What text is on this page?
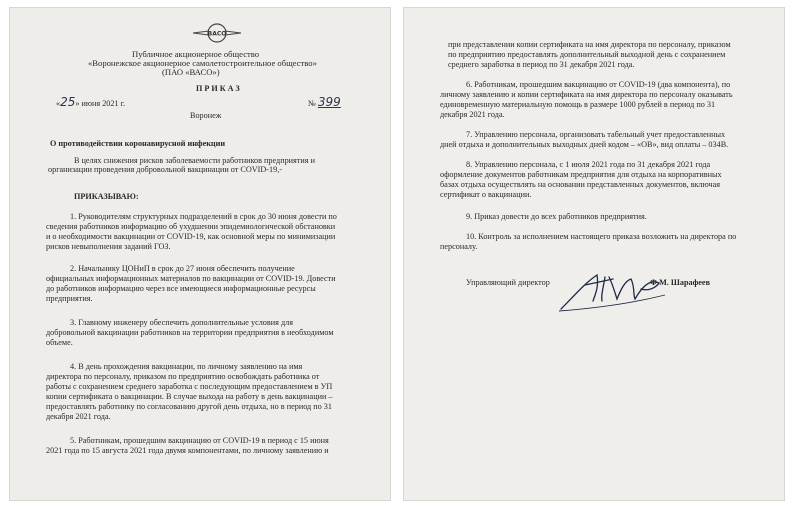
ВАСО
Публичное акционерное общество
«Воронежское акционерное самолетостроительное общество»
(ПАО «ВАСО»)
ПРИКАЗ
«25» июня 2021 г.	№ 399
Воронеж
О противодействии коронавирусной инфекции
В целях снижения рисков заболеваемости работников предприятия и
организации проведения добровольной вакцинации от COVID-19,-
ПРИКАЗЫВАЮ:
1. Руководителям структурных подразделений в срок до 30 июня довести по
сведения работников информацию об ухудшении эпидемиологической обстановки
и о необходимости вакцинации от COVID-19, как основной меры по минимизации
рисков невыполнения заданий ГОЗ.
2. Начальнику ЦОНиП в срок до 27 июня обеспечить получение
официальных информационных материалов по вакцинации от COVID-19. Довести
до работников информацию через все имеющиеся информационные ресурсы
предприятия.
3. Главному инженеру обеспечить дополнительные условия для
добровольной вакцинации работников на территории предприятия в необходимом
объеме.
4. В день прохождения вакцинации, по личному заявлению на имя
директора по персоналу, приказом по предприятию освобождать работника от
работы с сохранением среднего заработка с последующим предоставлением в УП
копии сертификата о вакцинации. В случае выхода на работу в день вакцинации –
предоставлять работнику по согласованию другой день отдыха, но в период по 31
декабря 2021 года.
5. Работникам, прошедшим вакцинацию от COVID-19 в период с 15 июня
2021 года по 15 августа 2021 года двумя компонентами, по личному заявлению и
при представлении копии сертификата на имя директора по персоналу, приказом
по предприятию предоставлять дополнительный выходной день с сохранением
среднего заработка в период по 31 декабря 2021 года.
6. Работникам, прошедшим вакцинацию от COVID-19 (два компонента), по
личному заявлению и копии сертификата на имя директора по персоналу оказывать
единовременную материальную помощь в размере 1000 рублей в период по 31
декабря 2021 года.
7. Управлению персонала, организовать табельный учет предоставленных
дней отдыха и дополнительных выходных дней кодом – «ОВ», вид оплаты – 034В.
8. Управлению персонала, с 1 июля 2021 года по 31 декабря 2021 года
оформление документов работникам предприятия для отдыха на корпоративных
базах отдыха осуществлять на основании представленных документов, включая
сертификат о вакцинации.
9. Приказ довести до всех работников предприятия.
10. Контроль за исполнением настоящего приказа возложить на директора по
персоналу.
Управляющий директор	Ф.М. Шарафеев
